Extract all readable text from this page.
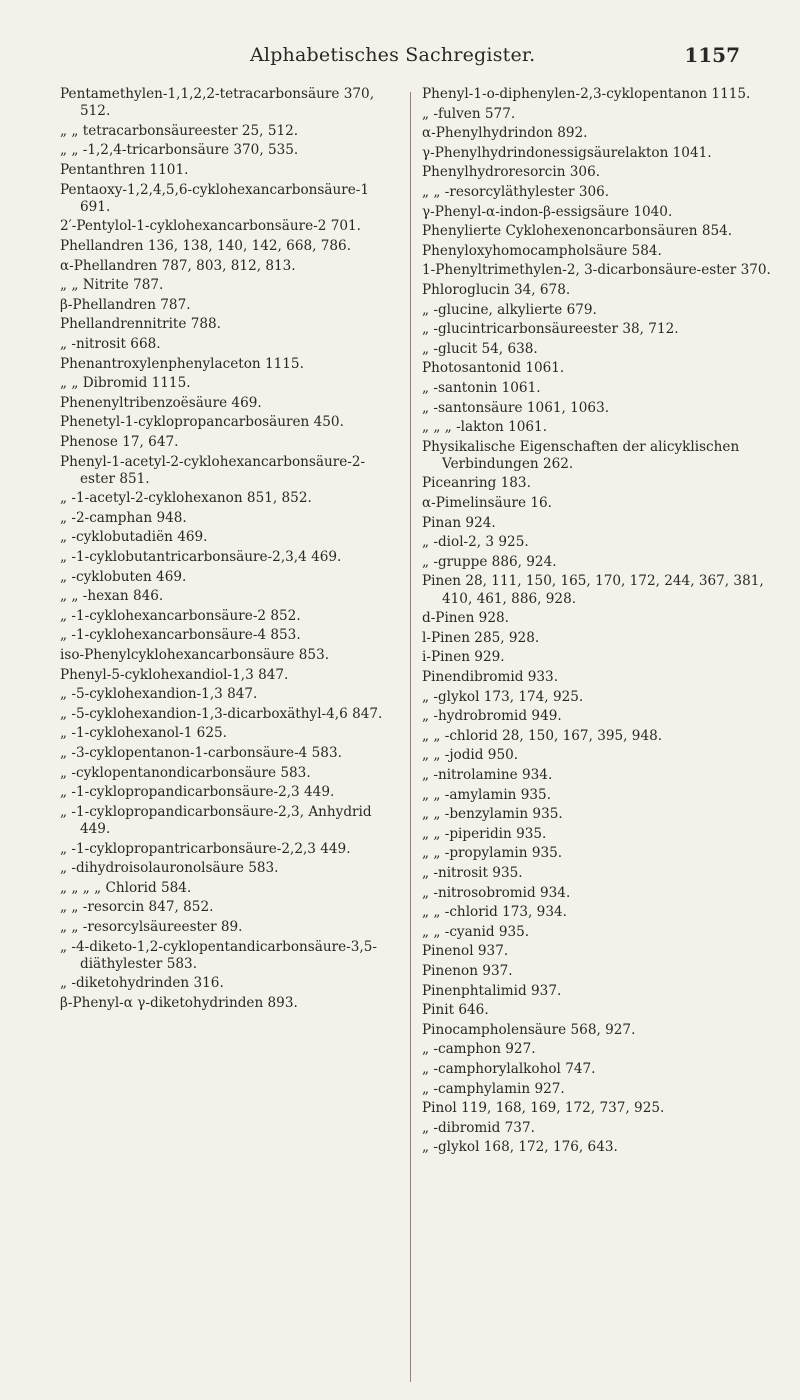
Alphabetisches Sachregister.	1157

Pentamethylen-1,1,2,2-tetracarbonsäure 370, 512.

„ „ tetracarbonsäureester 25, 512.

„ „ -1,2,4-tricarbonsäure 370, 535.

Pentanthren 1101.

Pentaoxy-1,2,4,5,6-cyklohexancarbonsäure-1 691.

2′-Pentylol-1-cyklohexancarbonsäure-2 701.

Phellandren 136, 138, 140, 142, 668, 786.

α-Phellandren 787, 803, 812, 813.

„ „ Nitrite 787.

β-Phellandren 787.

Phellandrennitrite 788.

„ -nitrosit 668.

Phenantroxylenphenylaceton 1115.

„ „ Dibromid 1115.

Phenenyltribenzoësäure 469.

Phenetyl-1-cyklopropancarbosäuren 450.

Phenose 17, 647.

Phenyl-1-acetyl-2-cyklohexancarbonsäure-2-ester 851.

„ -1-acetyl-2-cyklohexanon 851, 852.

„ -2-camphan 948.

„ -cyklobutadiën 469.

„ -1-cyklobutantricarbonsäure-2,3,4 469.

„ -cyklobuten 469.

„ „ -hexan 846.

„ -1-cyklohexancarbonsäure-2 852.

„ -1-cyklohexancarbonsäure-4 853.

iso-Phenylcyklohexancarbonsäure 853.

Phenyl-5-cyklohexandiol-1,3 847.

„ -5-cyklohexandion-1,3 847.

„ -5-cyklohexandion-1,3-dicarboxäthyl-4,6 847.

„ -1-cyklohexanol-1 625.

„ -3-cyklopentanon-1-carbonsäure-4 583.

„ -cyklopentanondicarbonsäure 583.

„ -1-cyklopropandicarbonsäure-2,3 449.

„ -1-cyklopropandicarbonsäure-2,3, Anhydrid 449.

„ -1-cyklopropantricarbonsäure-2,2,3 449.

„ -dihydroisolauronolsäure 583.

„ „ „ „ Chlorid 584.

„ „ -resorcin 847, 852.

„ „ -resorcylsäureester 89.

„ -4-diketo-1,2-cyklopentandicarbonsäure-3,5-diäthylester 583.

„ -diketohydrinden 316.

β-Phenyl-α γ-diketohydrinden 893.

Phenyl-1-o-diphenylen-2,3-cyklopentanon 1115.

„ -fulven 577.

α-Phenylhydrindon 892.

γ-Phenylhydrindonessigsäurelakton 1041.

Phenylhydroresorcin 306.

„ „ -resorcyläthylester 306.

γ-Phenyl-α-indon-β-essigsäure 1040.

Phenylierte Cyklohexenoncarbonsäuren 854.

Phenyloxyhomocampholsäure 584.

1-Phenyltrimethylen-2, 3-dicarbonsäure-ester 370.

Phloroglucin 34, 678.

„ -glucine, alkylierte 679.

„ -glucintricarbonsäureester 38, 712.

„ -glucit 54, 638.

Photosantonid 1061.

„ -santonin 1061.

„ -santonsäure 1061, 1063.

„ „ „ -lakton 1061.

Physikalische Eigenschaften der alicyklischen Verbindungen 262.

Piceanring 183.

α-Pimelinsäure 16.

Pinan 924.

„ -diol-2, 3 925.

„ -gruppe 886, 924.

Pinen 28, 111, 150, 165, 170, 172, 244, 367, 381, 410, 461, 886, 928.

d-Pinen 928.

l-Pinen 285, 928.

i-Pinen 929.

Pinendibromid 933.

„ -glykol 173, 174, 925.

„ -hydrobromid 949.

„ „ -chlorid 28, 150, 167, 395, 948.

„ „ -jodid 950.

„ -nitrolamine 934.

„ „ -amylamin 935.

„ „ -benzylamin 935.

„ „ -piperidin 935.

„ „ -propylamin 935.

„ -nitrosit 935.

„ -nitrosobromid 934.

„ „ -chlorid 173, 934.

„ „ -cyanid 935.

Pinenol 937.

Pinenon 937.

Pinenphtalimid 937.

Pinit 646.

Pinocampholensäure 568, 927.

„ -camphon 927.

„ -camphorylalkohol 747.

„ -camphylamin 927.

Pinol 119, 168, 169, 172, 737, 925.

„ -dibromid 737.

„ -glykol 168, 172, 176, 643.
